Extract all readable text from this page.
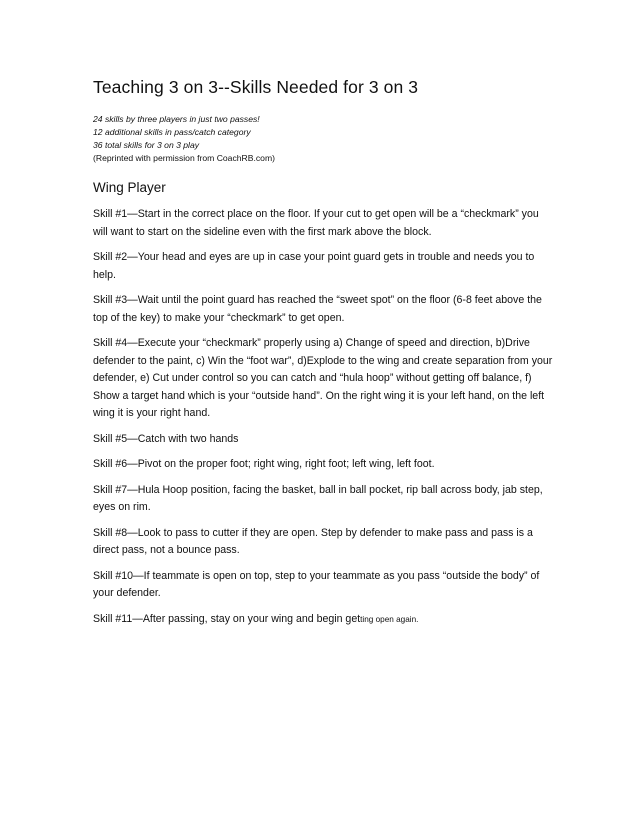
Teaching 3 on 3--Skills Needed for 3 on 3
24 skills by three players in just two passes!
12 additional skills in pass/catch category
36 total skills for 3 on 3 play
(Reprinted with permission from CoachRB.com)
Wing Player

Skill #1—Start in the correct place on the floor. If your cut to get open will be a “checkmark” you will want to start on the sideline even with the first mark above the block.

Skill #2—Your head and eyes are up in case your point guard gets in trouble and needs you to help.

Skill #3—Wait until the point guard has reached the “sweet spot” on the floor (6-8 feet above the top of the key) to make your “checkmark” to get open.

Skill #4—Execute your “checkmark” properly using a) Change of speed and direction, b)Drive defender to the paint, c) Win the “foot war”, d)Explode to the wing and create separation from your defender, e) Cut under control so you can catch and “hula hoop” without getting off balance, f) Show a target hand which is your “outside hand”. On the right wing it is your left hand, on the left wing it is your right hand.

Skill #5—Catch with two hands

Skill #6—Pivot on the proper foot; right wing, right foot; left wing, left foot.

Skill #7—Hula Hoop position, facing the basket, ball in ball pocket, rip ball across body, jab step, eyes on rim.

Skill #8—Look to pass to cutter if they are open. Step by defender to make pass and pass is a direct pass, not a bounce pass.

Skill #10—If teammate is open on top, step to your teammate as you pass “outside the body” of your defender.

Skill #11—After passing, stay on your wing and begin getting open again.
